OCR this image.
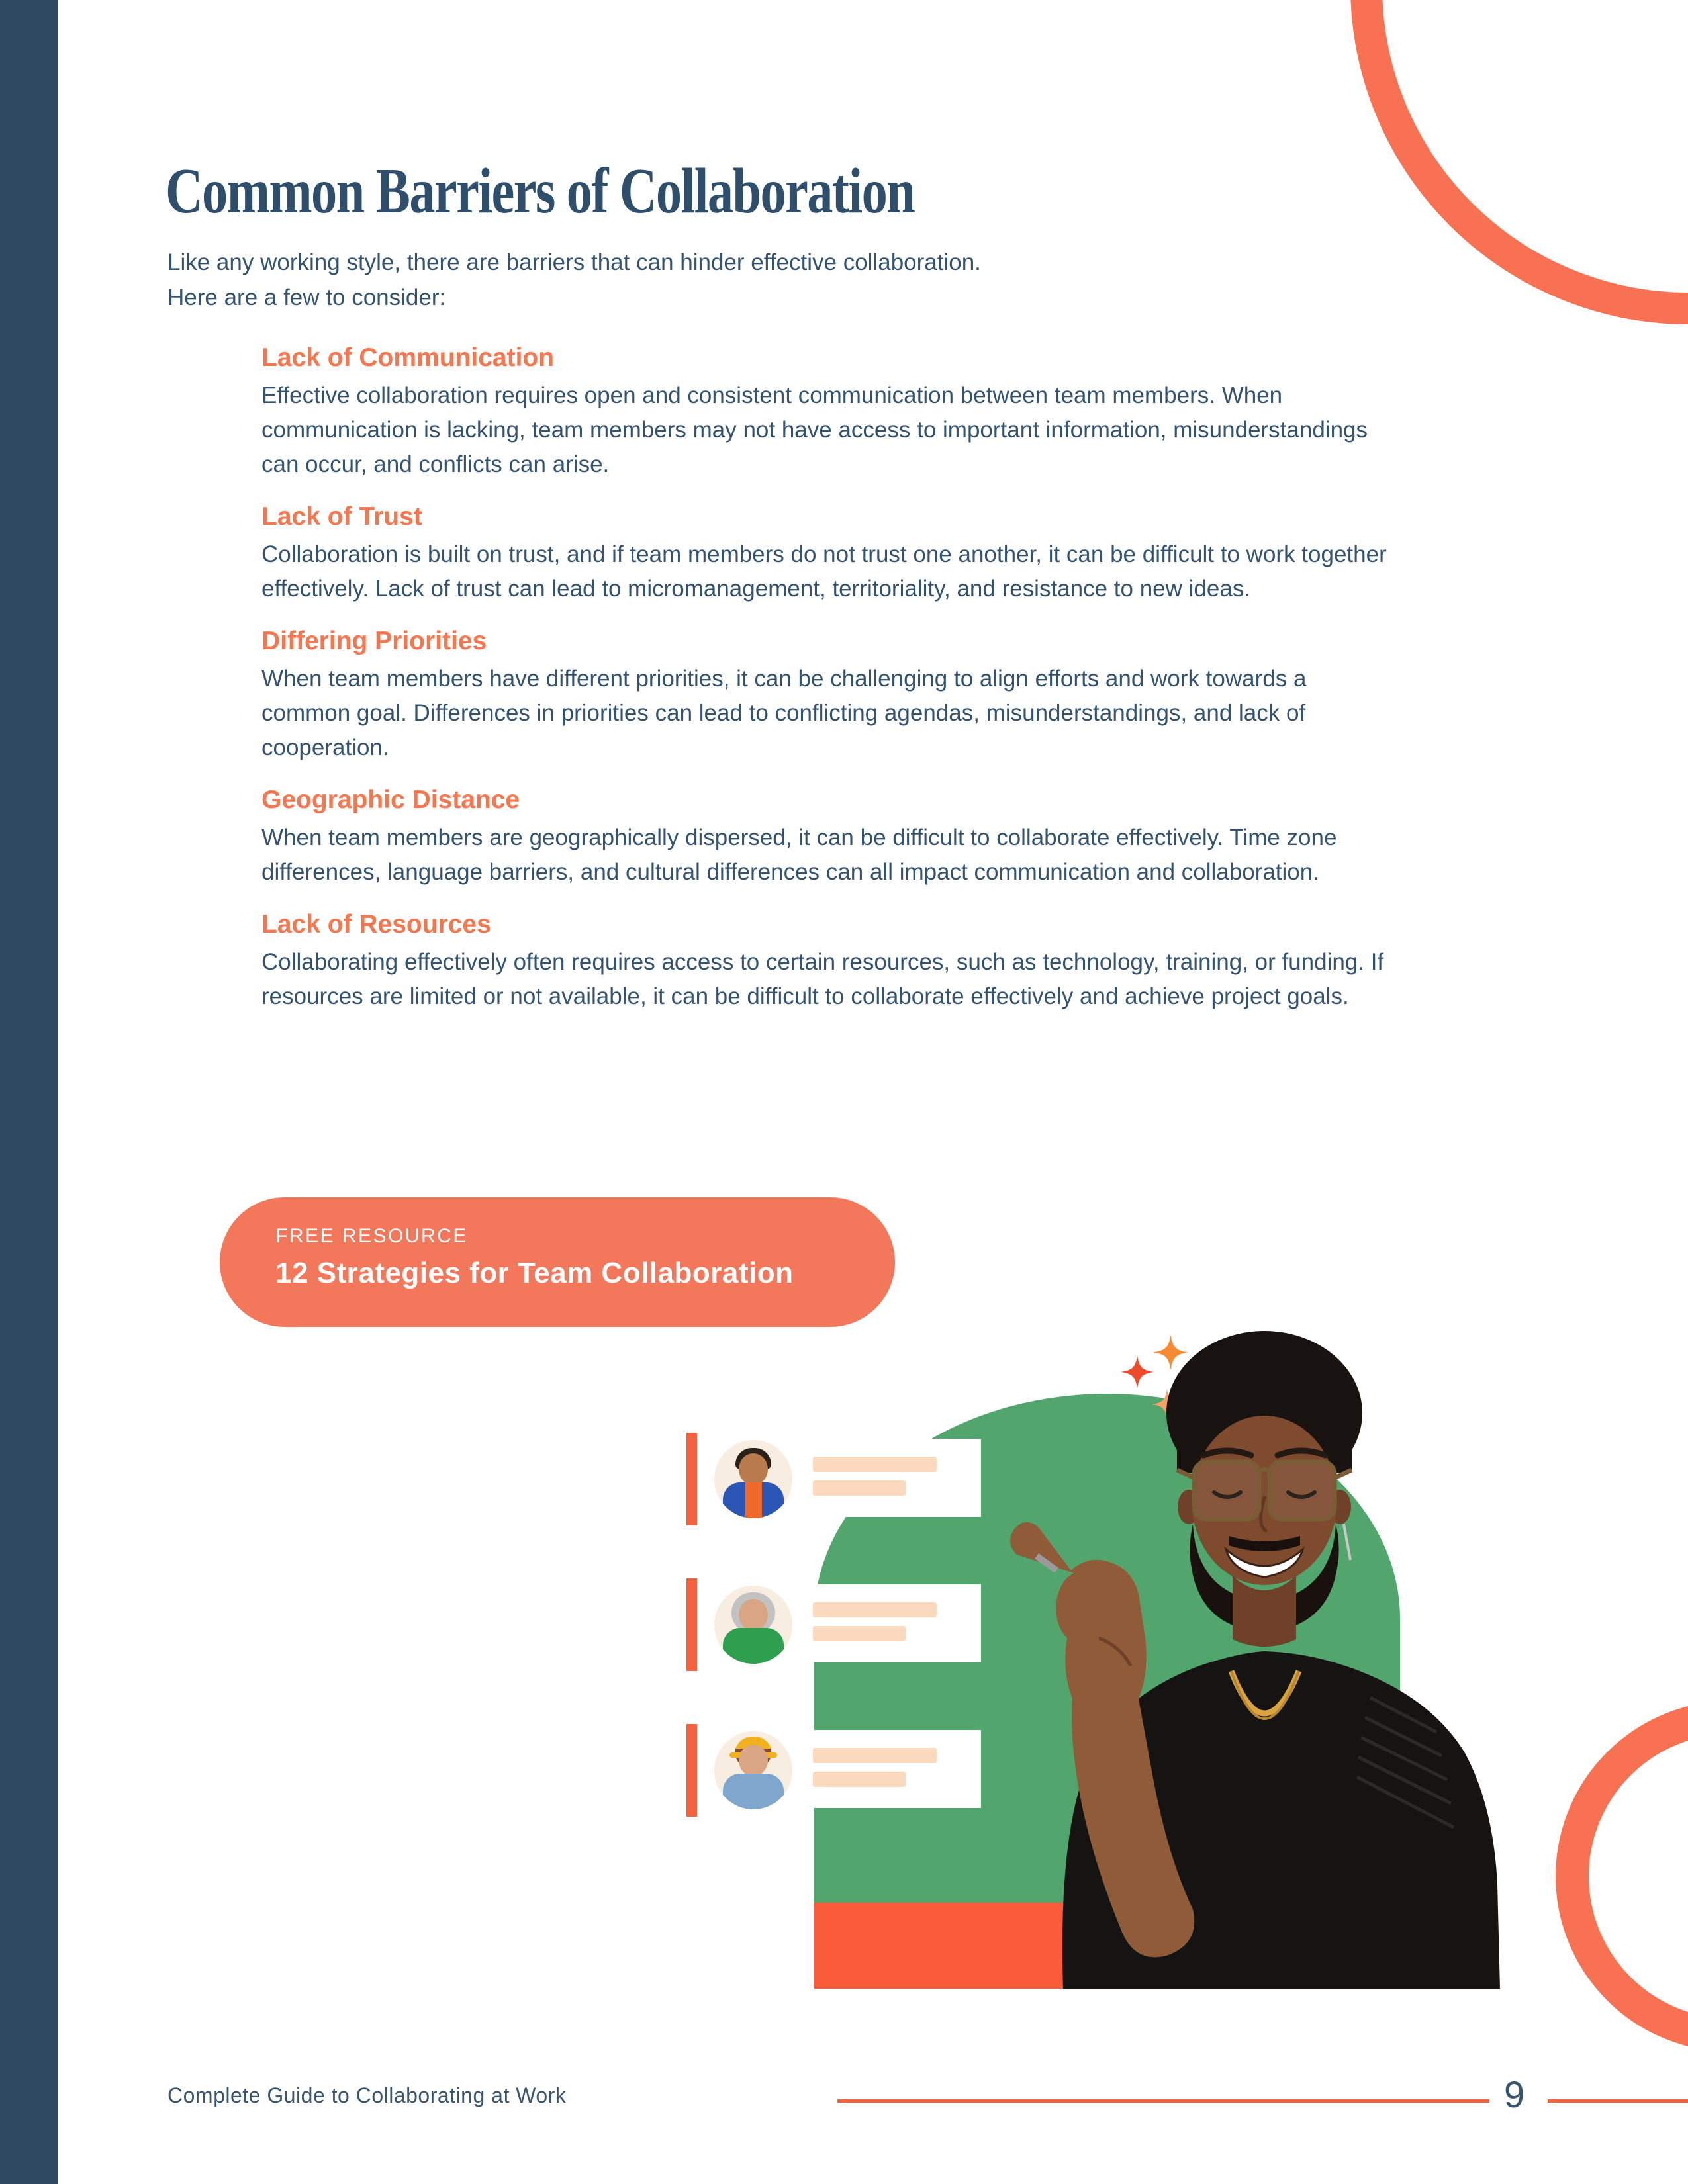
Common Barriers of Collaboration
Like any working style, there are barriers that can hinder effective collaboration.
Here are a few to consider:
Lack of Communication

Effective collaboration requires open and consistent communication between team members. When communication is lacking, team members may not have access to important information, misunderstandings can occur, and conflicts can arise.

Lack of Trust

Collaboration is built on trust, and if team members do not trust one another, it can be difficult to work together effectively. Lack of trust can lead to micromanagement, territoriality, and resistance to new ideas.

Differing Priorities

When team members have different priorities, it can be challenging to align efforts and work towards a common goal. Differences in priorities can lead to conflicting agendas, misunderstandings, and lack of cooperation.

Geographic Distance

When team members are geographically dispersed, it can be difficult to collaborate effectively. Time zone differences, language barriers, and cultural differences can all impact communication and collaboration.

Lack of Resources

Collaborating effectively often requires access to certain resources, such as technology, training, or funding. If resources are limited or not available, it can be difficult to collaborate effectively and achieve project goals.

FREE RESOURCE
12 Strategies for Team Collaboration
Complete Guide to Collaborating at Work	9
